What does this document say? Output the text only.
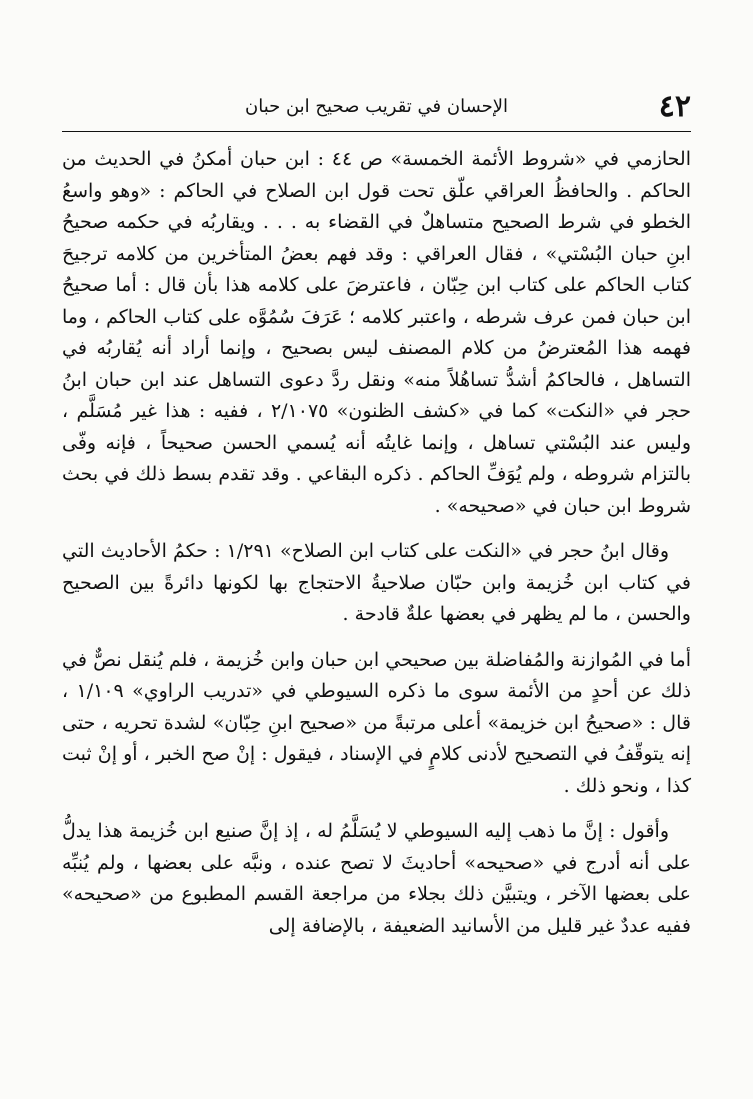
٤٢
الإحسان في تقريب صحيح ابن حبان

الحازمي في «شروط الأئمة الخمسة» ص ٤٤ : ابن حبان أمكنُ في الحديث من الحاكم . والحافظُ العراقي علّق تحت قول ابن الصلاح في الحاكم : «وهو واسعُ الخطو في شرط الصحيح متساهلٌ في القضاء به . . . ويقاربُه في حكمه صحيحُ ابنِ حبان البُسْتي» ، فقال العراقي : وقد فهم بعضُ المتأخرين من كلامه ترجيحَ كتاب الحاكم على كتاب ابن حِبّان ، فاعترضَ على كلامه هذا بأن قال : أما صحيحُ ابن حبان فمن عرف شرطه ، واعتبر كلامه ؛ عَرَفَ سُمُوَّه على كتاب الحاكم ، وما فهمه هذا المُعترضُ من كلام المصنف ليس بصحيح ، وإنما أراد أنه يُقاربُه في التساهل ، فالحاكمُ أشدُّ تساهُلاً منه» ونقل ردَّ دعوى التساهل عند ابن حبان ابنُ حجر في «النكت» كما في «كشف الظنون» ٢/١٠٧٥ ، ففيه : هذا غير مُسَلَّم ، وليس عند البُسْتي تساهل ، وإنما غايتُه أنه يُسمي الحسن صحيحاً ، فإنه وفّى بالتزام شروطه ، ولم يُوَفِّ الحاكم . ذكره البقاعي . وقد تقدم بسط ذلك في بحث شروط ابن حبان في «صحيحه» .

وقال ابنُ حجر في «النكت على كتاب ابن الصلاح» ١/٢٩١ : حكمُ الأحاديث التي في كتاب ابن خُزيمة وابن حبّان صلاحيةُ الاحتجاج بها لكونها دائرةً بين الصحيح والحسن ، ما لم يظهر في بعضها علةٌ قادحة .

أما في المُوازنة والمُفاضلة بين صحيحي ابن حبان وابن خُزيمة ، فلم يُنقل نصٌّ في ذلك عن أحدٍ من الأئمة سوى ما ذكره السيوطي في «تدريب الراوي» ١/١٠٩ ، قال : «صحيحُ ابن خزيمة» أعلى مرتبةً من «صحيح ابنِ حِبّان» لشدة تحريه ، حتى إنه يتوقّفُ في التصحيح لأدنى كلامٍ في الإسناد ، فيقول : إنْ صح الخبر ، أو إنْ ثبت كذا ، ونحو ذلك .

وأقول : إنَّ ما ذهب إليه السيوطي لا يُسَلَّمُ له ، إذ إنَّ صنيع ابن خُزيمة هذا يدلُّ على أنه أدرج في «صحيحه» أحاديثَ لا تصح عنده ، ونبَّه على بعضها ، ولم يُنبِّه على بعضها الآخر ، ويتبيَّن ذلك بجلاء من مراجعة القسم المطبوع من «صحيحه» ففيه عددٌ غير قليل من الأسانيد الضعيفة ، بالإضافة إلى
